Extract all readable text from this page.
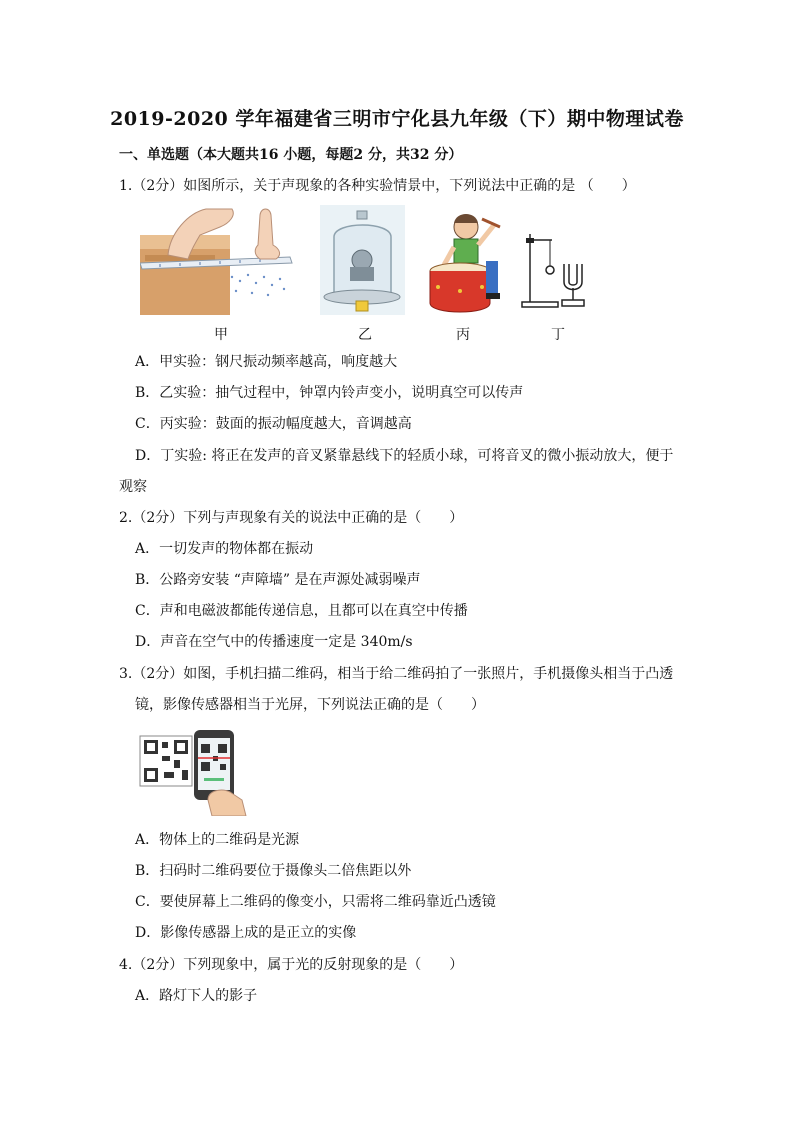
2019-2020 学年福建省三明市宁化县九年级（下）期中物理试卷
一、单选题（本大题共16 小题，每题2 分，共32 分）
1.（2分）如图所示，关于声现象的各种实验情景中，下列说法中正确的是 （　　）
甲	乙	丙	丁
A．甲实验：钢尺振动频率越高，响度越大
B．乙实验：抽气过程中，钟罩内铃声变小，说明真空可以传声
C．丙实验：鼓面的振动幅度越大，音调越高
D．丁实验: 将正在发声的音叉紧靠悬线下的轻质小球，可将音叉的微小振动放大，便于
观察
2.（2分）下列与声现象有关的说法中正确的是（　　）
A．一切发声的物体都在振动
B．公路旁安装 “声障墙” 是在声源处减弱噪声
C．声和电磁波都能传递信息，且都可以在真空中传播
D．声音在空气中的传播速度一定是 340m/s
3.（2分）如图，手机扫描二维码，相当于给二维码拍了一张照片，手机摄像头相当于凸透
镜，影像传感器相当于光屏，下列说法正确的是（　　）
A．物体上的二维码是光源
B．扫码时二维码要位于摄像头二倍焦距以外
C．要使屏幕上二维码的像变小，只需将二维码靠近凸透镜
D．影像传感器上成的是正立的实像
4.（2分）下列现象中，属于光的反射现象的是（　　）
A．路灯下人的影子
